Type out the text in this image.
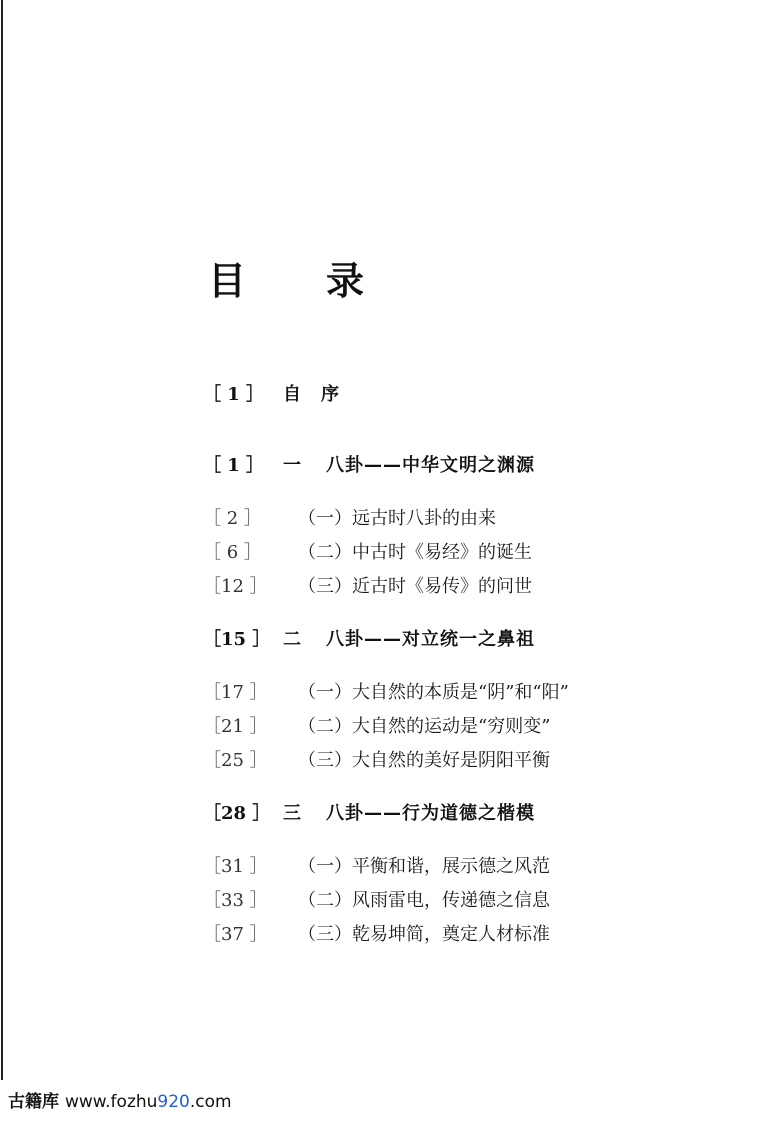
目 录
［ 1 ］	自序
［ 1 ］	一 八卦——中华文明之渊源
［ 2 ］	（一）远古时八卦的由来
［ 6 ］	（二）中古时《易经》的诞生
［12 ］ （三）近古时《易传》的问世
［15 ］ 二 八卦——对立统一之鼻祖
［17 ］ （一）大自然的本质是“阴”和“阳”
［21 ］ （二）大自然的运动是“穷则变”
［25 ］ （三）大自然的美好是阴阳平衡
［28 ］ 三 八卦——行为道德之楷模
［31 ］ （一）平衡和谐，展示德之风范
［33 ］ （二）风雨雷电，传递德之信息
［37 ］ （三）乾易坤简，奠定人材标准
古籍库 www.fozhu920.com
